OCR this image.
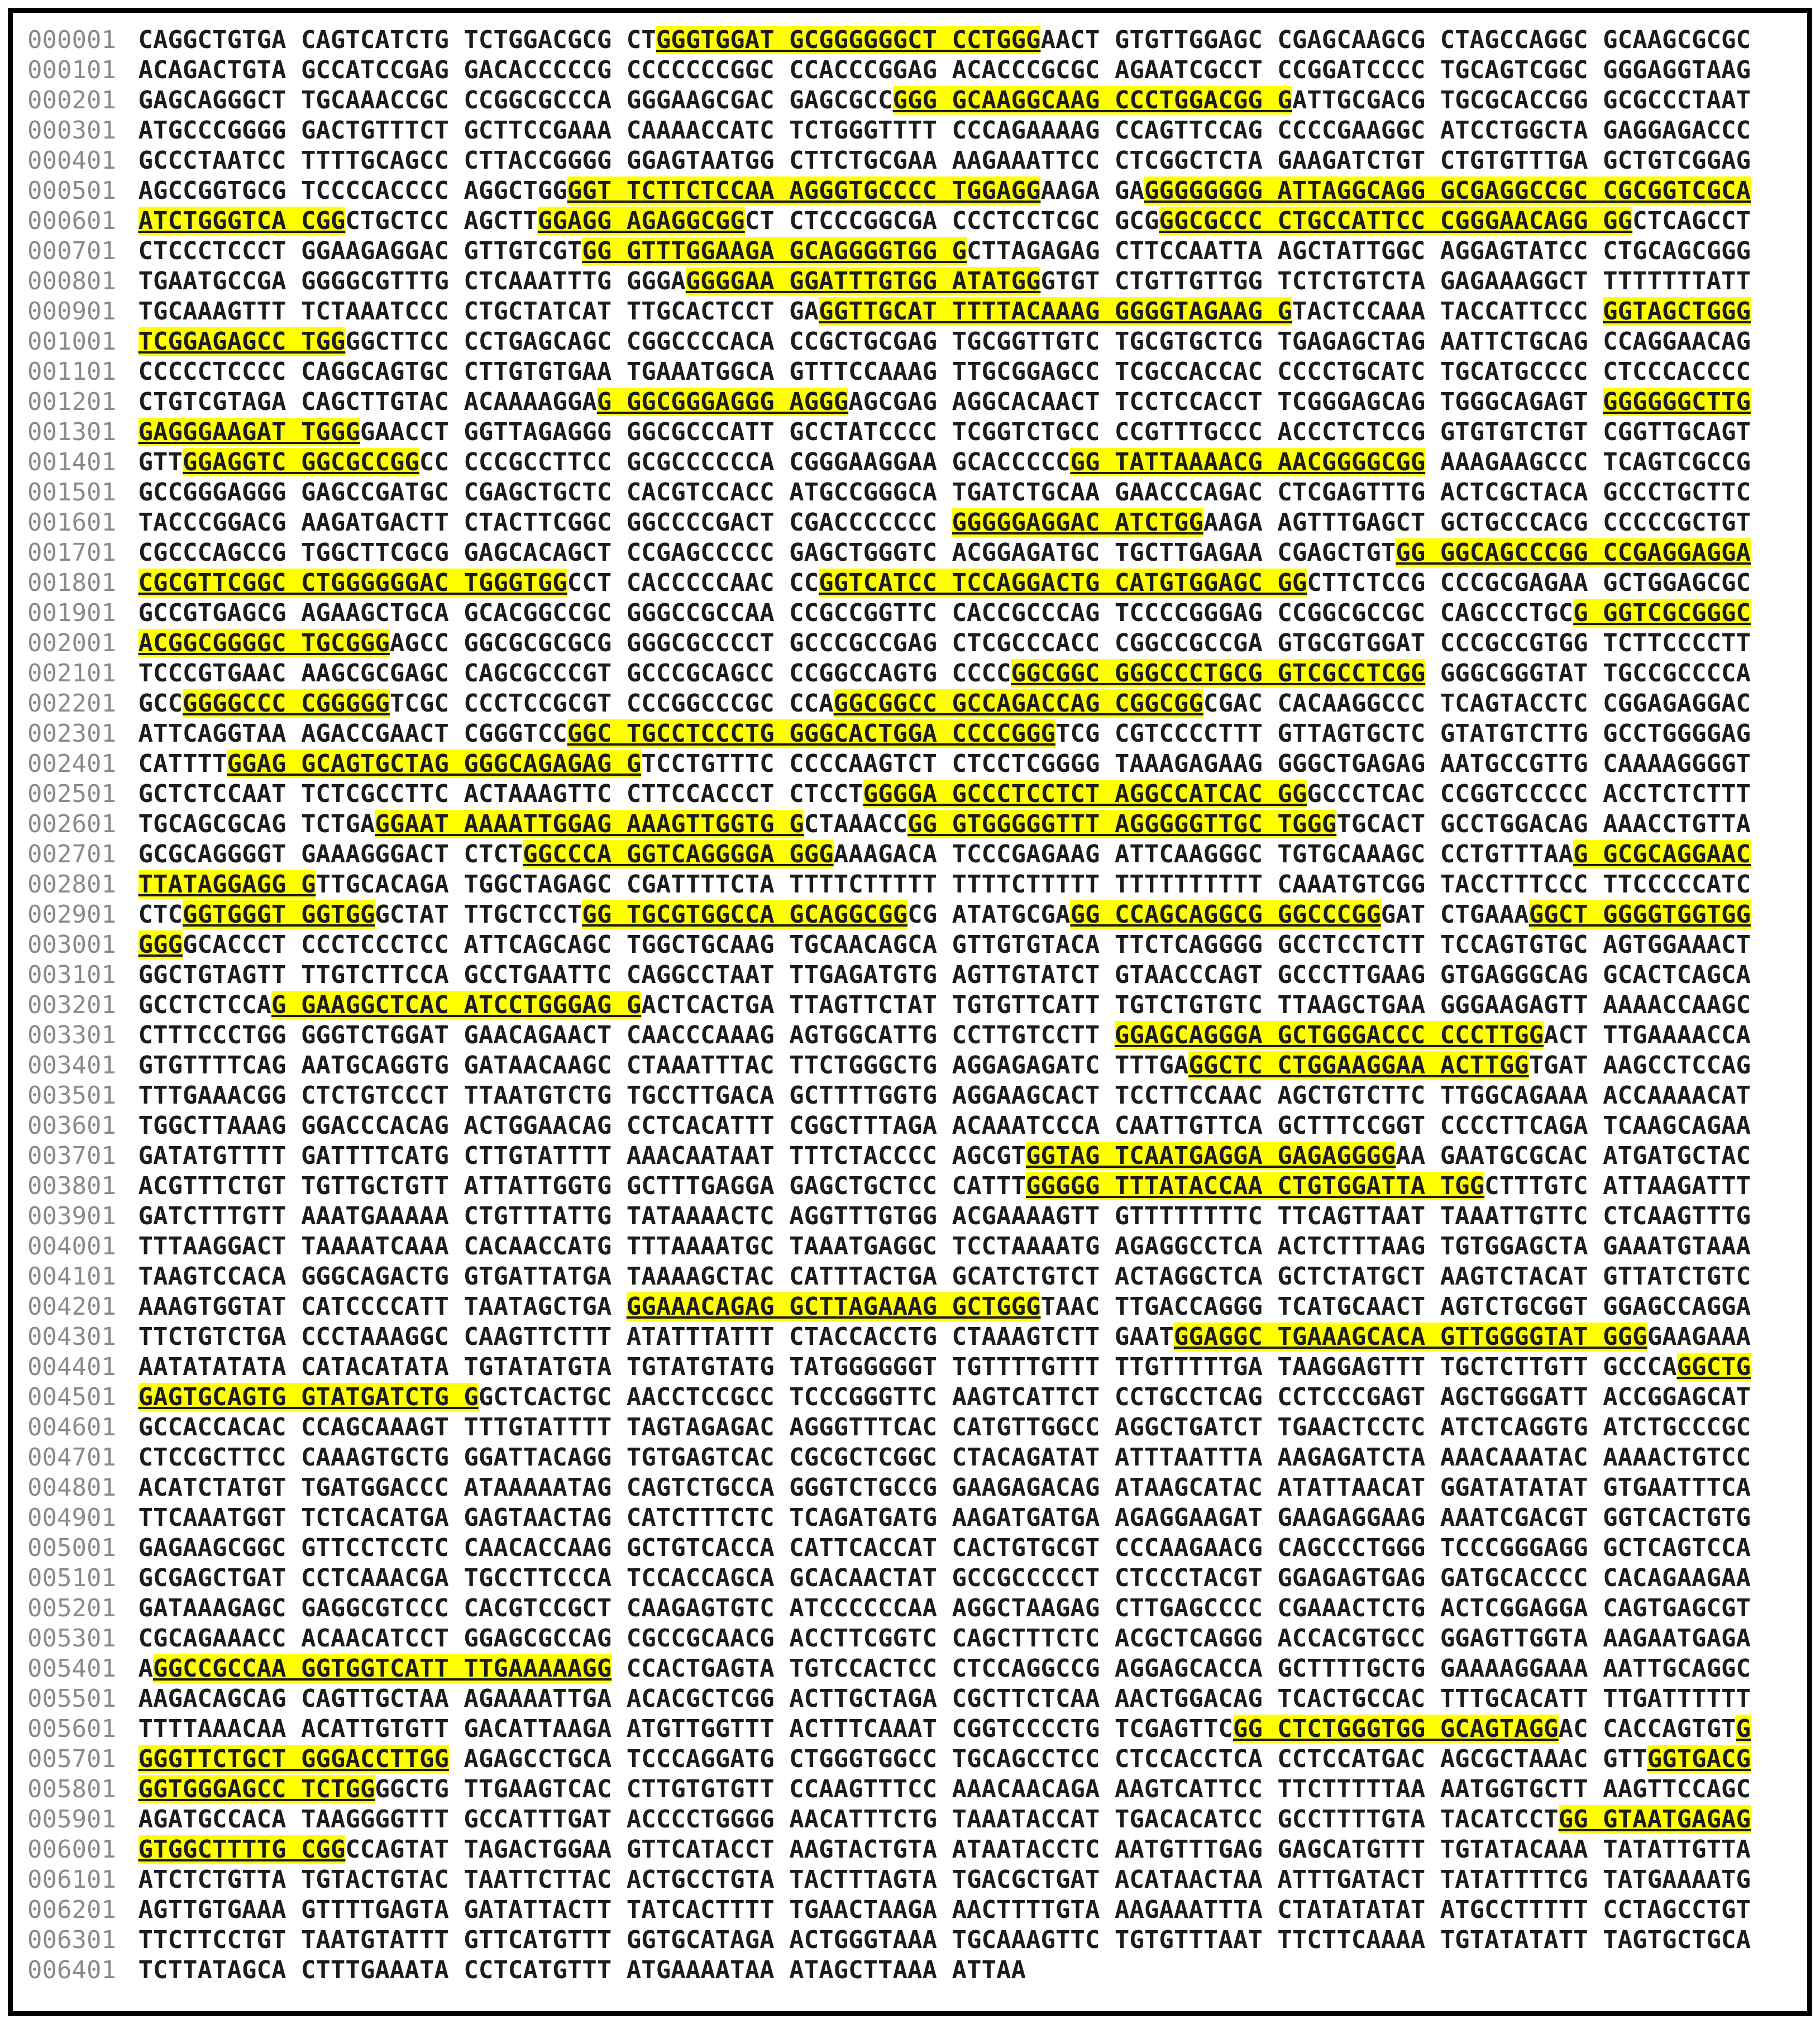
000001 CAGGCTGTGA CAGTCATCTG TCTGGACGCG CTGGGTGGAT GCGGGGGGCT CCTGGGAACT GTGTTGGAGC CGAGCAAGCG CTAGCCAGGC GCAAGCGCGC
000101 ACAGACTGTA GCCATCCGAG GACACCCCCG CCCCCCCGGC CCACCCGGAG ACACCCGCGC AGAATCGCCT CCGGATCCCC TGCAGTCGGC GGGAGGTAAG
000201 GAGCAGGGCT TGCAAACCGC CCGGCGCCCA GGGAAGCGAC GAGCGCCGGG GCAAGGCAAG CCCTGGACGG GATTGCGACG TGCGCACCGG GCGCCCTAAT
000301 ATGCCCGGGG GACTGTTTCT GCTTCCGAAA CAAAACCATC TCTGGGTTTT CCCAGAAAAG CCAGTTCCAG CCCCGAAGGC ATCCTGGCTA GAGGAGACCC
000401 GCCCTAATCC TTTTGCAGCC CTTACCGGGG GGAGTAATGG CTTCTGCGAA AAGAAATTCC CTCGGCTCTA GAAGATCTGT CTGTGTTTGA GCTGTCGGAG
000501 AGCCGGTGCG TCCCCACCCC AGGCTGGGGT TCTTCTCCAA AGGGTGCCCC TGGAGGAAGA GAGGGGGGGG ATTAGGCAGG GCGAGGCCGC CGCGGTCGCA
000601 ATCTGGGTCA CGGCTGCTCC AGCTTGGAGG AGAGGCGGCT CTCCCGGCGA CCCTCCTCGC GCGGGCGCCC CTGCCATTCC CGGGAACAGG GGCTCAGCCT
000701 CTCCCTCCCT GGAAGAGGAC GTTGTCGTGG GTTTGGAAGA GCAGGGGTGG GCTTAGAGAG CTTCCAATTA AGCTATTGGC AGGAGTATCC CTGCAGCGGG
000801 TGAATGCCGA GGGGCGTTTG CTCAAATTTG GGGAGGGGAA GGATTTGTGG ATATGGGTGT CTGTTGTTGG TCTCTGTCTA GAGAAAGGCT TTTTTTTATT
000901 TGCAAAGTTT TCTAAATCCC CTGCTATCAT TTGCACTCCT GAGGTTGCAT TTTTACAAAG GGGGTAGAAG GTACTCCAAA TACCATTCCC GGTAGCTGGG
001001 TCGGAGAGCC TGGGGCTTCC CCTGAGCAGC CGGCCCCACA CCGCTGCGAG TGCGGTTGTC TGCGTGCTCG TGAGAGCTAG AATTCTGCAG CCAGGAACAG
001101 CCCCCTCCCC CAGGCAGTGC CTTGTGTGAA TGAAATGGCA GTTTCCAAAG TTGCGGAGCC TCGCCACCAC CCCCTGCATC TGCATGCCCC CTCCCACCCC
001201 CTGTCGTAGA CAGCTTGTAC ACAAAAGGAG GGCGGGAGGG AGGGAGCGAG AGGCACAACT TCCTCCACCT TCGGGAGCAG TGGGCAGAGT GGGGGGCTTG
001301 GAGGGAAGAT TGGGGAACCT GGTTAGAGGG GGCGCCCATT GCCTATCCCC TCGGTCTGCC CCGTTTGCCC ACCCTCTCCG GTGTGTCTGT CGGTTGCAGT
001401 GTTGGAGGTC GGCGCCGGCC CCCGCCTTCC GCGCCCCCCA CGGGAAGGAA GCACCCCCGG TATTAAAACG AACGGGGCGG AAAGAAGCCC TCAGTCGCCG
001501 GCCGGGAGGG GAGCCGATGC CGAGCTGCTC CACGTCCACC ATGCCGGGCA TGATCTGCAA GAACCCAGAC CTCGAGTTTG ACTCGCTACA GCCCTGCTTC
001601 TACCCGGACG AAGATGACTT CTACTTCGGC GGCCCCGACT CGACCCCCCC GGGGGAGGAC ATCTGGAAGA AGTTTGAGCT GCTGCCCACG CCCCCGCTGT
001701 CGCCCAGCCG TGGCTTCGCG GAGCACAGCT CCGAGCCCCC GAGCTGGGTC ACGGAGATGC TGCTTGAGAA CGAGCTGTGG GGCAGCCCGG CCGAGGAGGA
001801 CGCGTTCGGC CTGGGGGGAC TGGGTGGCCT CACCCCCAAC CCGGTCATCC TCCAGGACTG CATGTGGAGC GGCTTCTCCG CCCGCGAGAA GCTGGAGCGC
001901 GCCGTGAGCG AGAAGCTGCA GCACGGCCGC GGGCCGCCAA CCGCCGGTTC CACCGCCCAG TCCCCGGGAG CCGGCGCCGC CAGCCCTGCG GGTCGCGGGC
002001 ACGGCGGGGC TGCGGGAGCC GGCGCGCGCG GGGCGCCCCT GCCCGCCGAG CTCGCCCACC CGGCCGCCGA GTGCGTGGAT CCCGCCGTGG TCTTCCCCTT
002101 TCCCGTGAAC AAGCGCGAGC CAGCGCCCGT GCCCGCAGCC CCGGCCAGTG CCCCGGCGGC GGGCCCTGCG GTCGCCTCGG GGGCGGGTAT TGCCGCCCCA
002201 GCCGGGGCCC CGGGGGTCGC CCCTCCGCGT CCCGGCCCGC CCAGGCGGCC GCCAGACCAG CGGCGGCGAC CACAAGGCCC TCAGTACCTC CGGAGAGGAC
002301 ATTCAGGTAA AGACCGAACT CGGGTCCGGC TGCCTCCCTG GGGCACTGGA CCCCGGGTCG CGTCCCCTTT GTTAGTGCTC GTATGTCTTG GCCTGGGGAG
002401 CATTTTGGAG GCAGTGCTAG GGGCAGAGAG GTCCTGTTTC CCCCAAGTCT CTCCTCGGGG TAAAGAGAAG GGGCTGAGAG AATGCCGTTG CAAAAGGGGT
002501 GCTCTCCAAT TCTCGCCTTC ACTAAAGTTC CTTCCACCCT CTCCTGGGGA GCCCTCCTCT AGGCCATCAC GGGCCCTCAC CCGGTCCCCC ACCTCTCTTT
002601 TGCAGCGCAG TCTGAGGAAT AAAATTGGAG AAAGTTGGTG GCTAAACCGG GTGGGGGTTT AGGGGGTTGC TGGGTGCACT GCCTGGACAG AAACCTGTTA
002701 GCGCAGGGGT GAAAGGGACT CTCTGGCCCA GGTCAGGGGA GGGAAAGACA TCCCGAGAAG ATTCAAGGGC TGTGCAAAGC CCTGTTTAAG GCGCAGGAAC
002801 TTATAGGAGG GTTGCACAGA TGGCTAGAGC CGATTTTCTA TTTTCTTTTT TTTTCTTTTT TTTTTTTTTT CAAATGTCGG TACCTTTCCC TTCCCCCATC
002901 CTCGGTGGGT GGTGGGCTAT TTGCTCCTGG TGCGTGGCCA GCAGGCGGCG ATATGCGAGG CCAGCAGGCG GGCCCGGGAT CTGAAAGGCT GGGGTGGTGG
003001 GGGGCACCCT CCCTCCCTCC ATTCAGCAGC TGGCTGCAAG TGCAACAGCA GTTGTGTACA TTCTCAGGGG GCCTCCTCTT TCCAGTGTGC AGTGGAAACT
003101 GGCTGTAGTT TTGTCTTCCA GCCTGAATTC CAGGCCTAAT TTGAGATGTG AGTTGTATCT GTAACCCAGT GCCCTTGAAG GTGAGGGCAG GCACTCAGCA
003201 GCCTCTCCAG GAAGGCTCAC ATCCTGGGAG GACTCACTGA TTAGTTCTAT TGTGTTCATT TGTCTGTGTC TTAAGCTGAA GGGAAGAGTT AAAACCAAGC
003301 CTTTCCCTGG GGGTCTGGAT GAACAGAACT CAACCCAAAG AGTGGCATTG CCTTGTCCTT GGAGCAGGGA GCTGGGACCC CCCTTGGACT TTGAAAACCA
003401 GTGTTTTCAG AATGCAGGTG GATAACAAGC CTAAATTTAC TTCTGGGCTG AGGAGAGATC TTTGAGGCTC CTGGAAGGAA ACTTGGTGAT AAGCCTCCAG
003501 TTTGAAACGG CTCTGTCCCT TTAATGTCTG TGCCTTGACA GCTTTTGGTG AGGAAGCACT TCCTTCCAAC AGCTGTCTTC TTGGCAGAAA ACCAAAACAT
003601 TGGCTTAAAG GGACCCACAG ACTGGAACAG CCTCACATTT CGGCTTTAGA ACAAATCCCA CAATTGTTCA GCTTTCCGGT CCCCTTCAGA TCAAGCAGAA
003701 GATATGTTTT GATTTTCATG CTTGTATTTT AAACAATAAT TTTCTACCCC AGCGTGGTAG TCAATGAGGA GAGAGGGGAA GAATGCGCAC ATGATGCTAC
003801 ACGTTTCTGT TGTTGCTGTT ATTATTGGTG GCTTTGAGGA GAGCTGCTCC CATTTGGGGG TTTATACCAA CTGTGGATTA TGGCTTTGTC ATTAAGATTT
003901 GATCTTTGTT AAATGAAAAA CTGTTTATTG TATAAAACTC AGGTTTGTGG ACGAAAAGTT GTTTTTTTTC TTCAGTTAAT TAAATTGTTC CTCAAGTTTG
004001 TTTAAGGACT TAAAATCAAA CACAACCATG TTTAAAATGC TAAATGAGGC TCCTAAAATG AGAGGCCTCA ACTCTTTAAG TGTGGAGCTA GAAATGTAAA
004101 TAAGTCCACA GGGCAGACTG GTGATTATGA TAAAAGCTAC CATTTACTGA GCATCTGTCT ACTAGGCTCA GCTCTATGCT AAGTCTACAT GTTATCTGTC
004201 AAAGTGGTAT CATCCCCATT TAATAGCTGA GGAAACAGAG GCTTAGAAAG GCTGGGTAAC TTGACCAGGG TCATGCAACT AGTCTGCGGT GGAGCCAGGA
004301 TTCTGTCTGA CCCTAAAGGC CAAGTTCTTT ATATTTATTT CTACCACCTG CTAAAGTCTT GAATGGAGGC TGAAAGCACA GTTGGGGTAT GGGGAAGAAA
004401 AATATATATA CATACATATA TGTATATGTA TGTATGTATG TATGGGGGGT TGTTTTGTTT TTGTTTTTGA TAAGGAGTTT TGCTCTTGTT GCCCAGGCTG
004501 GAGTGCAGTG GTATGATCTG GGCTCACTGC AACCTCCGCC TCCCGGGTTC AAGTCATTCT CCTGCCTCAG CCTCCCGAGT AGCTGGGATT ACCGGAGCAT
004601 GCCACCACAC CCAGCAAAGT TTTGTATTTT TAGTAGAGAC AGGGTTTCAC CATGTTGGCC AGGCTGATCT TGAACTCCTC ATCTCAGGTG ATCTGCCCGC
004701 CTCCGCTTCC CAAAGTGCTG GGATTACAGG TGTGAGTCAC CGCGCTCGGC CTACAGATAT ATTTAATTTA AAGAGATCTA AAACAAATAC AAAACTGTCC
004801 ACATCTATGT TGATGGACCC ATAAAAATAG CAGTCTGCCA GGGTCTGCCG GAAGAGACAG ATAAGCATAC ATATTAACAT GGATATATAT GTGAATTTCA
004901 TTCAAATGGT TCTCACATGA GAGTAACTAG CATCTTTCTC TCAGATGATG AAGATGATGA AGAGGAAGAT GAAGAGGAAG AAATCGACGT GGTCACTGTG
005001 GAGAAGCGGC GTTCCTCCTC CAACACCAAG GCTGTCACCA CATTCACCAT CACTGTGCGT CCCAAGAACG CAGCCCTGGG TCCCGGGAGG GCTCAGTCCA
005101 GCGAGCTGAT CCTCAAACGA TGCCTTCCCA TCCACCAGCA GCACAACTAT GCCGCCCCCT CTCCCTACGT GGAGAGTGAG GATGCACCCC CACAGAAGAA
005201 GATAAAGAGC GAGGCGTCCC CACGTCCGCT CAAGAGTGTC ATCCCCCCAA AGGCTAAGAG CTTGAGCCCC CGAAACTCTG ACTCGGAGGA CAGTGAGCGT
005301 CGCAGAAACC ACAACATCCT GGAGCGCCAG CGCCGCAACG ACCTTCGGTC CAGCTTTCTC ACGCTCAGGG ACCACGTGCC GGAGTTGGTA AAGAATGAGA
005401 AGGCCGCCAA GGTGGTCATT TTGAAAAAGG CCACTGAGTA TGTCCACTCC CTCCAGGCCG AGGAGCACCA GCTTTTGCTG GAAAAGGAAA AATTGCAGGC
005501 AAGACAGCAG CAGTTGCTAA AGAAAATTGA ACACGCTCGG ACTTGCTAGA CGCTTCTCAA AACTGGACAG TCACTGCCAC TTTGCACATT TTGATTTTTT
005601 TTTTAAACAA ACATTGTGTT GACATTAAGA ATGTTGGTTT ACTTTCAAAT CGGTCCCCTG TCGAGTTCGG CTCTGGGTGG GCAGTAGGAC CACCAGTGTG
005701 GGGTTCTGCT GGGACCTTGG AGAGCCTGCA TCCCAGGATG CTGGGTGGCC TGCAGCCTCC CTCCACCTCA CCTCCATGAC AGCGCTAAAC GTTGGTGACG
005801 GGTGGGAGCC TCTGGGGCTG TTGAAGTCAC CTTGTGTGTT CCAAGTTTCC AAACAACAGA AAGTCATTCC TTCTTTTTAA AATGGTGCTT AAGTTCCAGC
005901 AGATGCCACA TAAGGGGTTT GCCATTTGAT ACCCCTGGGG AACATTTCTG TAAATACCAT TGACACATCC GCCTTTTGTA TACATCCTGG GTAATGAGAG
006001 GTGGCTTTTG CGGCCAGTAT TAGACTGGAA GTTCATACCT AAGTACTGTA ATAATACCTC AATGTTTGAG GAGCATGTTT TGTATACAAA TATATTGTTA
006101 ATCTCTGTTA TGTACTGTAC TAATTCTTAC ACTGCCTGTA TACTTTAGTA TGACGCTGAT ACATAACTAA ATTTGATACT TATATTTTCG TATGAAAATG
006201 AGTTGTGAAA GTTTTGAGTA GATATTACTT TATCACTTTT TGAACTAAGA AACTTTTGTA AAGAAATTTA CTATATATAT ATGCCTTTTT CCTAGCCTGT
006301 TTCTTCCTGT TAATGTATTT GTTCATGTTT GGTGCATAGA ACTGGGTAAA TGCAAAGTTC TGTGTTTAAT TTCTTCAAAA TGTATATATT TAGTGCTGCA
006401 TCTTATAGCA CTTTGAAATA CCTCATGTTT ATGAAAATAA ATAGCTTAAA ATTAA
